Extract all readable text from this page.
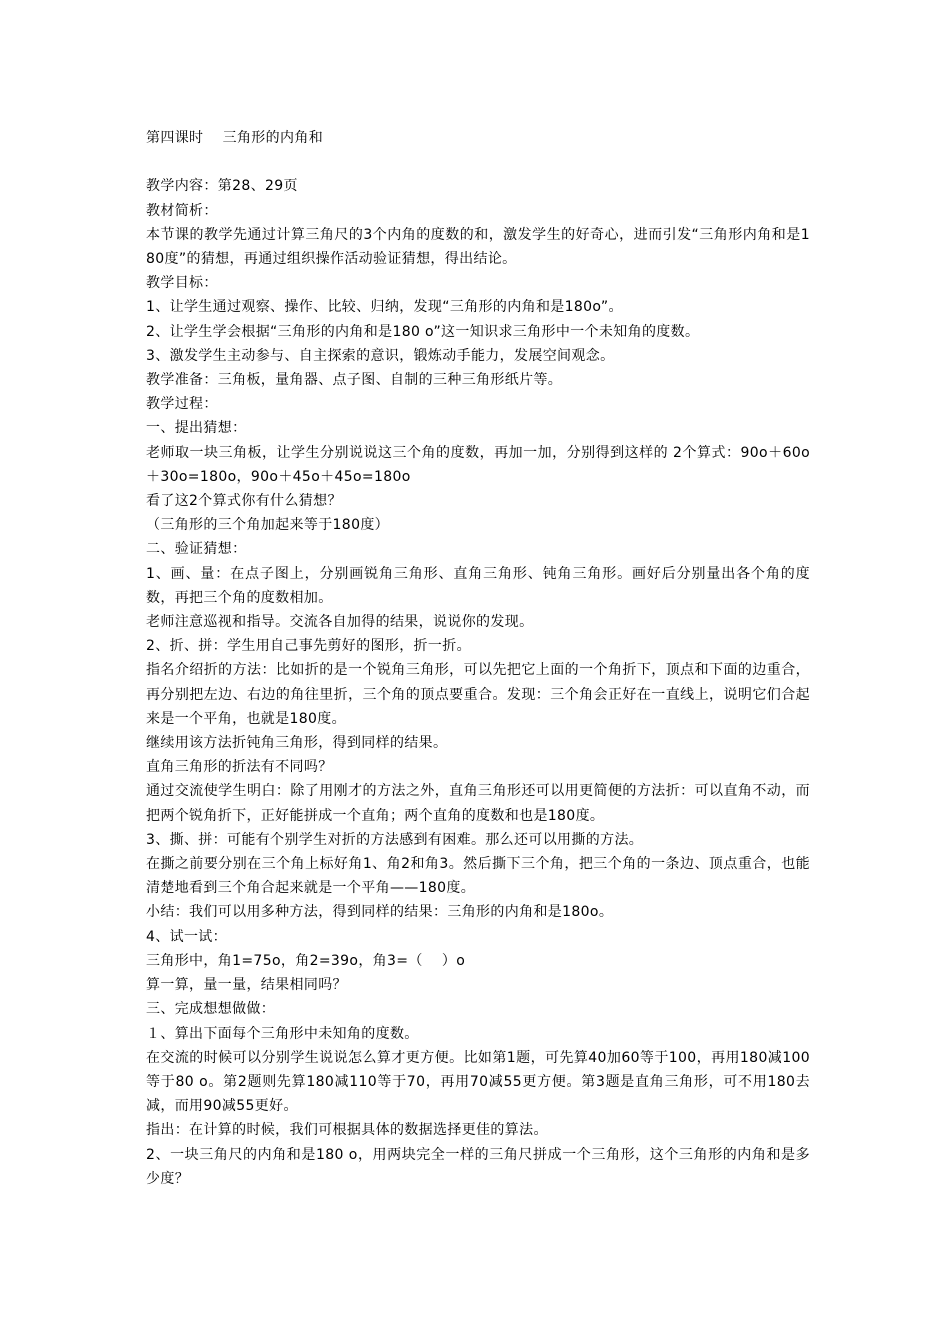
第四课时    三角形的内角和

教学内容：第28、29页

教材简析：

本节课的教学先通过计算三角尺的3个内角的度数的和，激发学生的好奇心，进而引发“三角形内角和是180度”的猜想，再通过组织操作活动验证猜想，得出结论。

教学目标：

1、让学生通过观察、操作、比较、归纳，发现“三角形的内角和是180o”。

2、让学生学会根据“三角形的内角和是180 o”这一知识求三角形中一个未知角的度数。

3、激发学生主动参与、自主探索的意识，锻炼动手能力，发展空间观念。

教学准备：三角板，量角器、点子图、自制的三种三角形纸片等。

教学过程：

一、提出猜想：

老师取一块三角板，让学生分别说说这三个角的度数，再加一加，分别得到这样的 2个算式：90o＋60o＋30o=180o，90o＋45o＋45o=180o

看了这2个算式你有什么猜想？

（三角形的三个角加起来等于180度）

二、验证猜想：

1、画、量：在点子图上，分别画锐角三角形、直角三角形、钝角三角形。画好后分别量出各个角的度数，再把三个角的度数相加。

老师注意巡视和指导。交流各自加得的结果，说说你的发现。

2、折、拼：学生用自己事先剪好的图形，折一折。

指名介绍折的方法：比如折的是一个锐角三角形，可以先把它上面的一个角折下，顶点和下面的边重合，再分别把左边、右边的角往里折，三个角的顶点要重合。发现：三个角会正好在一直线上，说明它们合起来是一个平角，也就是180度。

继续用该方法折钝角三角形，得到同样的结果。

直角三角形的折法有不同吗？

通过交流使学生明白：除了用刚才的方法之外，直角三角形还可以用更简便的方法折：可以直角不动，而把两个锐角折下，正好能拼成一个直角；两个直角的度数和也是180度。

3、撕、拼：可能有个别学生对折的方法感到有困难。那么还可以用撕的方法。

在撕之前要分别在三个角上标好角1、角2和角3。然后撕下三个角，把三个角的一条边、顶点重合，也能清楚地看到三个角合起来就是一个平角——180度。

小结：我们可以用多种方法，得到同样的结果：三角形的内角和是180o。

4、试一试：

三角形中，角1=75o，角2=39o，角3=（    ）o

算一算，量一量，结果相同吗？

三、完成想想做做：

１、算出下面每个三角形中未知角的度数。

在交流的时候可以分别学生说说怎么算才更方便。比如第1题，可先算40加60等于100，再用180减100等于80 o。第2题则先算180减110等于70，再用70减55更方便。第3题是直角三角形，可不用180去减，而用90减55更好。

指出：在计算的时候，我们可根据具体的数据选择更佳的算法。

2、一块三角尺的内角和是180 o，用两块完全一样的三角尺拼成一个三角形，这个三角形的内角和是多少度？
